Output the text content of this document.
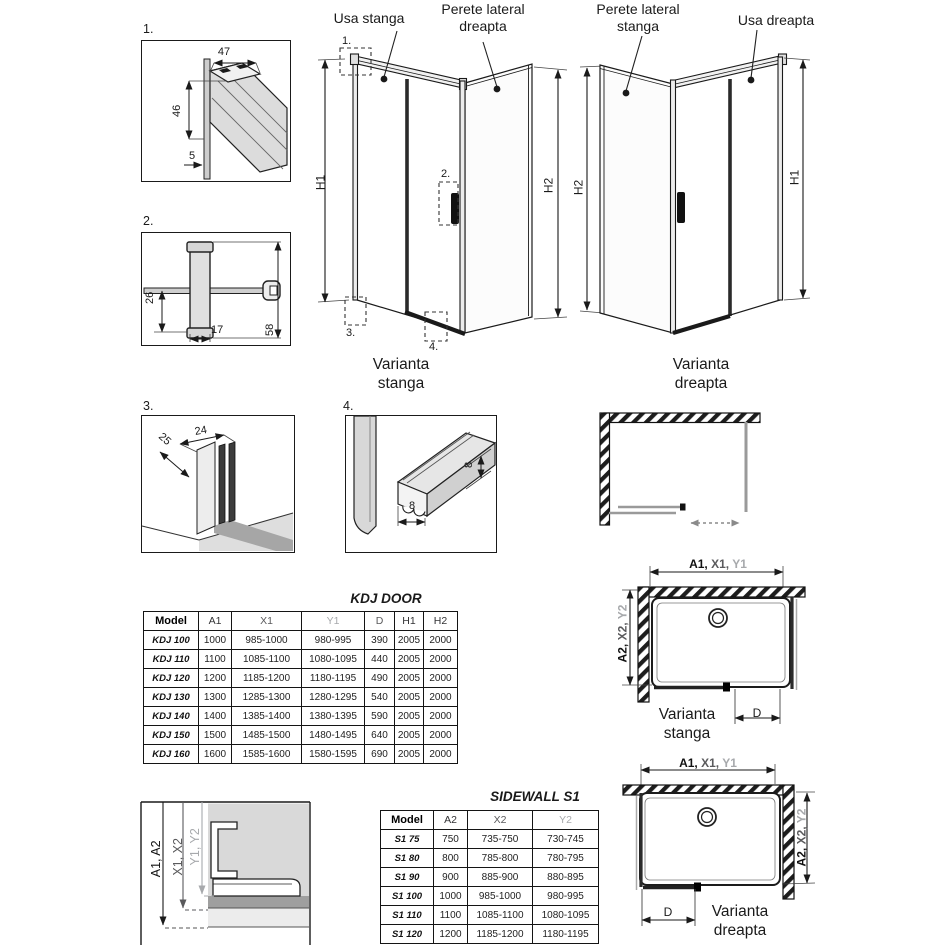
1.
47
46
5
2.
26
17	58
3.
24
25
4.
8
8
Usa stanga
Perete lateral
dreapta
H1	H2
1.
2.
3.
4.
Varianta
stanga
Perete lateral
stanga	Usa dreapta
H2
H1
Varianta
dreapta
KDJ DOOR
Model	A1	X1	Y1	D	H1	H2
KDJ 100	1000	985-1000	980-995	390	2005	2000
KDJ 110	1100	1085-1100	1080-1095	440	2005	2000
KDJ 120	1200	1185-1200	1180-1195	490	2005	2000
KDJ 130	1300	1285-1300	1280-1295	540	2005	2000
KDJ 140	1400	1385-1400	1380-1395	590	2005	2000
KDJ 150	1500	1485-1500	1480-1495	640	2005	2000
KDJ 160	1600	1585-1600	1580-1595	690	2005	2000
A1, X1, Y1
A2, X2, Y2
D
Varianta
stanga
SIDEWALL S1
Model	A2	X2	Y2
S1 75	750	735-750	730-745
S1 80	800	785-800	780-795
S1 90	900	885-900	880-895
S1 100	1000	985-1000	980-995
S1 110	1100	1085-1100	1080-1095
S1 120	1200	1185-1200	1180-1195
A1, X1, Y1
A2, X2, Y2
D	Varianta
dreapta
A1, A2 X1, X2 Y1, Y2
